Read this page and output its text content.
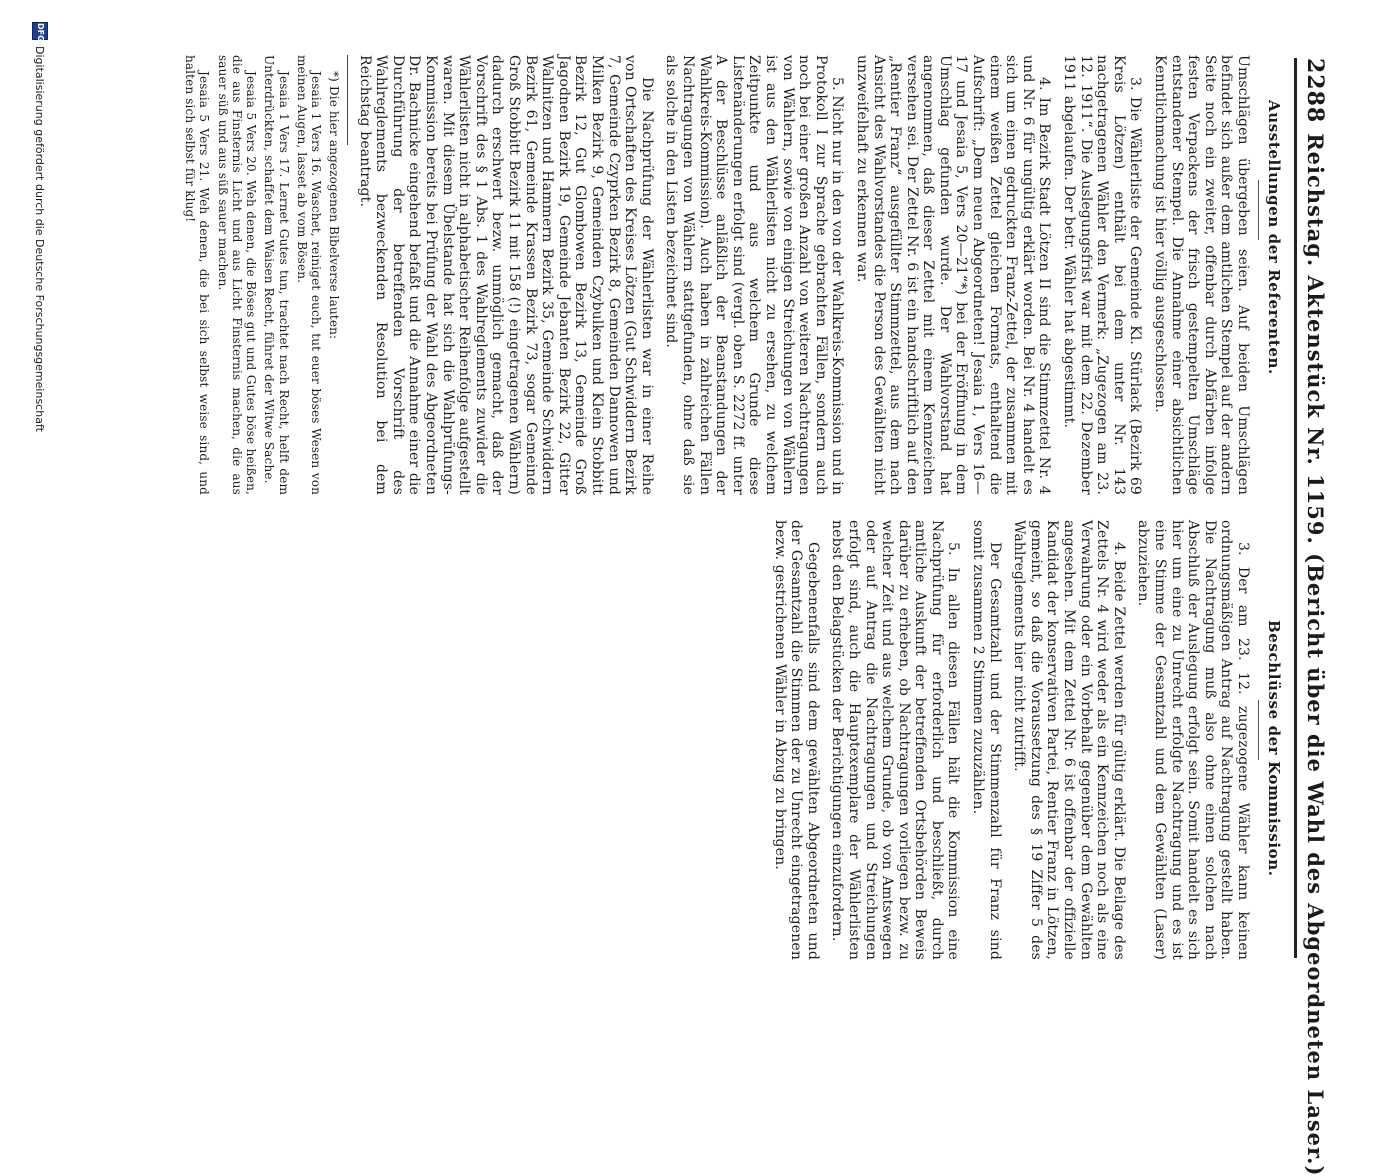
2288
Reichstag. Aktenstück Nr. 1159. (Bericht über die Wahl des Abgeordneten Laser.)
Ausstellungen der Referenten.
Beschlüsse der Kommission.

Umschlägen übergeben seien. Auf beiden Umschlägen befindet sich außer dem amtlichen Stempel auf der andern Seite noch ein zweiter, offenbar durch Abfärben infolge festen Verpackens der frisch gestempelten Umschläge entstandener Stempel. Die Annahme einer absichtlichen Kenntlichmachung ist hier völlig ausgeschlossen.

3. Die Wählerliste der Gemeinde Kl. Stürlack (Bezirk 69 Kreis Lötzen) enthält bei dem unter Nr. 143 nachgetragenen Wähler den Vermerk: „Zugezogen am 23. 12. 1911“. Die Auslegungsfrist war mit dem 22. Dezember 1911 abgelaufen. Der betr. Wähler hat abgestimmt.

4. Im Bezirk Stadt Lötzen II sind die Stimmzettel Nr. 4 und Nr. 6 für ungültig erklärt worden. Bei Nr. 4 handelt es sich um einen gedruckten Franz-Zettel, der zusammen mit einem weißen Zettel gleichen Formats, enthaltend die Aufschrift: „Dem neuen Abgeordneten! Jesaia 1, Vers 16—17 und Jesaia 5, Vers 20—21“*) bei der Eröffnung in dem Umschlag gefunden wurde. Der Wahlvorstand hat angenommen, daß dieser Zettel mit einem Kennzeichen versehen sei. Der Zettel Nr. 6 ist ein handschriftlich auf den „Rentier Franz“ ausgefüllter Stimmzettel, aus dem nach Ansicht des Wahlvorstandes die Person des Gewählten nicht unzweifelhaft zu erkennen war.

5. Nicht nur in den von der Wahlkreis-Kommission und in Protokoll I zur Sprache gebrachten Fällen, sondern auch noch bei einer großen Anzahl von weiteren Nachtragungen von Wählern, sowie von einigen Streichungen von Wählern ist aus den Wählerlisten nicht zu ersehen, zu welchem Zeitpunkte und aus welchem Grunde diese Listenänderungen erfolgt sind (vergl. oben S. 2272 ff. unter A der Beschlüsse anläßlich der Beanstandungen der Wahlkreis-Kommission). Auch haben in zahlreichen Fällen Nachtragungen von Wählern stattgefunden, ohne daß sie als solche in den Listen bezeichnet sind.

Die Nachprüfung der Wählerlisten war in einer Reihe von Ortschaften des Kreises Lötzen (Gut Schwiddern Bezirk 7, Gemeinde Czyprken Bezirk 8, Gemeinden Dannowen und Milken Bezirk 9, Gemeinden Czybulken und Klein Stobbitt Bezirk 12, Gut Glombowen Bezirk 13, Gemeinde Groß Jagodnen Bezirk 19, Gemeinde Jebanten Bezirk 22, Gitter Wallnitzen und Hammern Bezirk 35, Gemeinde Schwiddern Bezirk 61, Gemeinde Krassen Bezirk 73, sogar Gemeinde Groß Stobbitt Bezirk 11 mit 158 (!) eingetragenen Wählern) dadurch erschwert bezw. unmöglich gemacht, daß der Vorschrift des § 1 Abs. 1 des Wahlreglements zuwider die Wählerlisten nicht in alphabetischer Reihenfolge aufgestellt waren. Mit diesem Übelstande hat sich die Wahlprüfungs-Kommission bereits bei Prüfung der Wahl des Abgeordneten Dr. Bachnicke eingehend befaßt und die Annahme einer die Durchführung der betreffenden Vorschrift des Wahlreglements bezweckenden Resolution bei dem Reichstag beantragt.

*) Die hier angezogenen Bibelverse lauten:

Jesaia 1 Vers 16. Waschet, reiniget euch, tut euer böses Wesen von meinen Augen, lasset ab vom Bösen.

Jesaia 1 Vers 17. Lernet Gutes tun, trachtet nach Recht, helft dem Unterdrückten, schaffet dem Waisen Recht, führet der Witwe Sache.

Jesaia 5 Vers 20. Weh denen, die Böses gut und Gutes böse heißen, die aus Finsternis Licht und aus Licht Finsternis machen, die aus sauer süß und aus süß sauer machen.

Jesaia 5 Vers 21. Weh denen, die bei sich selbst weise sind, und halten sich selbst für klug!

3. Der am 23. 12. zugezogene Wähler kann keinen ordnungsmäßigen Antrag auf Nachtragung gestellt haben. Die Nachtragung muß also ohne einen solchen nach Abschluß der Auslegung erfolgt sein. Somit handelt es sich hier um eine zu Unrecht erfolgte Nachtragung und es ist eine Stimme der Gesamtzahl und dem Gewählten (Laser) abzuziehen.

4. Beide Zettel werden für gültig erklärt. Die Beilage des Zettels Nr. 4 wird weder als ein Kennzeichen noch als eine Verwahrung oder ein Vorbehalt gegenüber dem Gewählten angesehen. Mit dem Zettel Nr. 6 ist offenbar der offizielle Kandidat der konservativen Partei, Rentier Franz in Lötzen, gemeint, so daß die Voraussetzung des § 19 Ziffer 5 des Wahlreglements hier nicht zutrifft.

Der Gesamtzahl und der Stimmenzahl für Franz sind somit zusammen 2 Stimmen zuzuzählen.

5. In allen diesen Fällen hält die Kommission eine Nachprüfung für erforderlich und beschließt, durch amtliche Auskunft der betreffenden Ortsbehörden Beweis darüber zu erheben, ob Nachtragungen vorliegen bezw. zu welcher Zeit und aus welchem Grunde, ob von Amtswegen oder auf Antrag die Nachtragungen und Streichungen erfolgt sind, auch die Hauptexemplare der Wählerlisten nebst den Belagstücken der Berichtigungen einzufordern.

Gegebenenfalls sind dem gewählten Abgeordneten und der Gesamtzahl die Stimmen der zu Unrecht eingetragenen bezw. gestrichenen Wähler in Abzug zu bringen.

DFG
Digitalisierung gefördert durch die Deutsche Forschungsgemeinschaft
